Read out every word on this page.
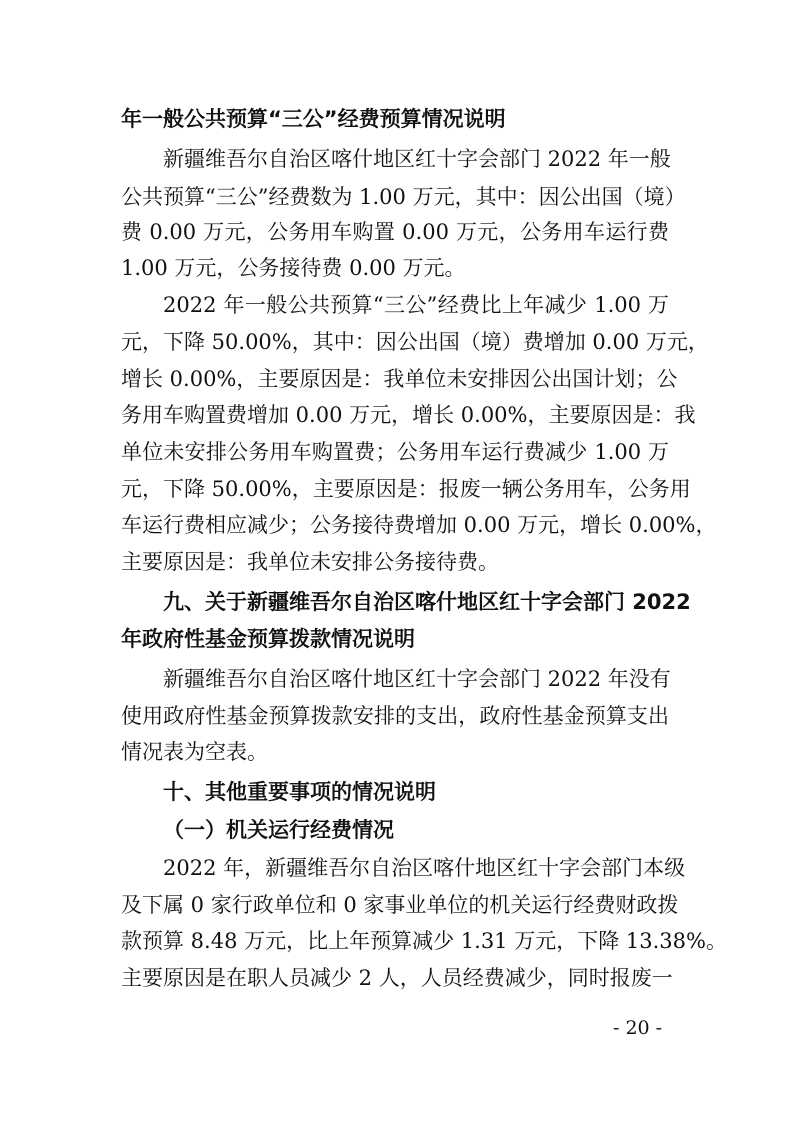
年一般公共预算“三公”经费预算情况说明
新疆维吾尔自治区喀什地区红十字会部门 2022 年一般
公共预算“三公”经费数为 1.00 万元，其中：因公出国（境）
费 0.00 万元，公务用车购置 0.00 万元，公务用车运行费
1.00 万元，公务接待费 0.00 万元。
2022 年一般公共预算“三公”经费比上年减少 1.00 万
元，下降 50.00%，其中：因公出国（境）费增加 0.00 万元，
增长 0.00%，主要原因是：我单位未安排因公出国计划；公
务用车购置费增加 0.00 万元，增长 0.00%，主要原因是：我
单位未安排公务用车购置费；公务用车运行费减少 1.00 万
元，下降 50.00%，主要原因是：报废一辆公务用车，公务用
车运行费相应减少；公务接待费增加 0.00 万元，增长 0.00%，
主要原因是：我单位未安排公务接待费。
九、关于新疆维吾尔自治区喀什地区红十字会部门 2022
年政府性基金预算拨款情况说明
新疆维吾尔自治区喀什地区红十字会部门 2022 年没有
使用政府性基金预算拨款安排的支出，政府性基金预算支出
情况表为空表。
十、其他重要事项的情况说明
（一）机关运行经费情况
2022 年，新疆维吾尔自治区喀什地区红十字会部门本级
及下属 0 家行政单位和 0 家事业单位的机关运行经费财政拨
款预算 8.48 万元，比上年预算减少 1.31 万元，下降 13.38%。
主要原因是在职人员减少 2 人，人员经费减少，同时报废一
- 20 -
